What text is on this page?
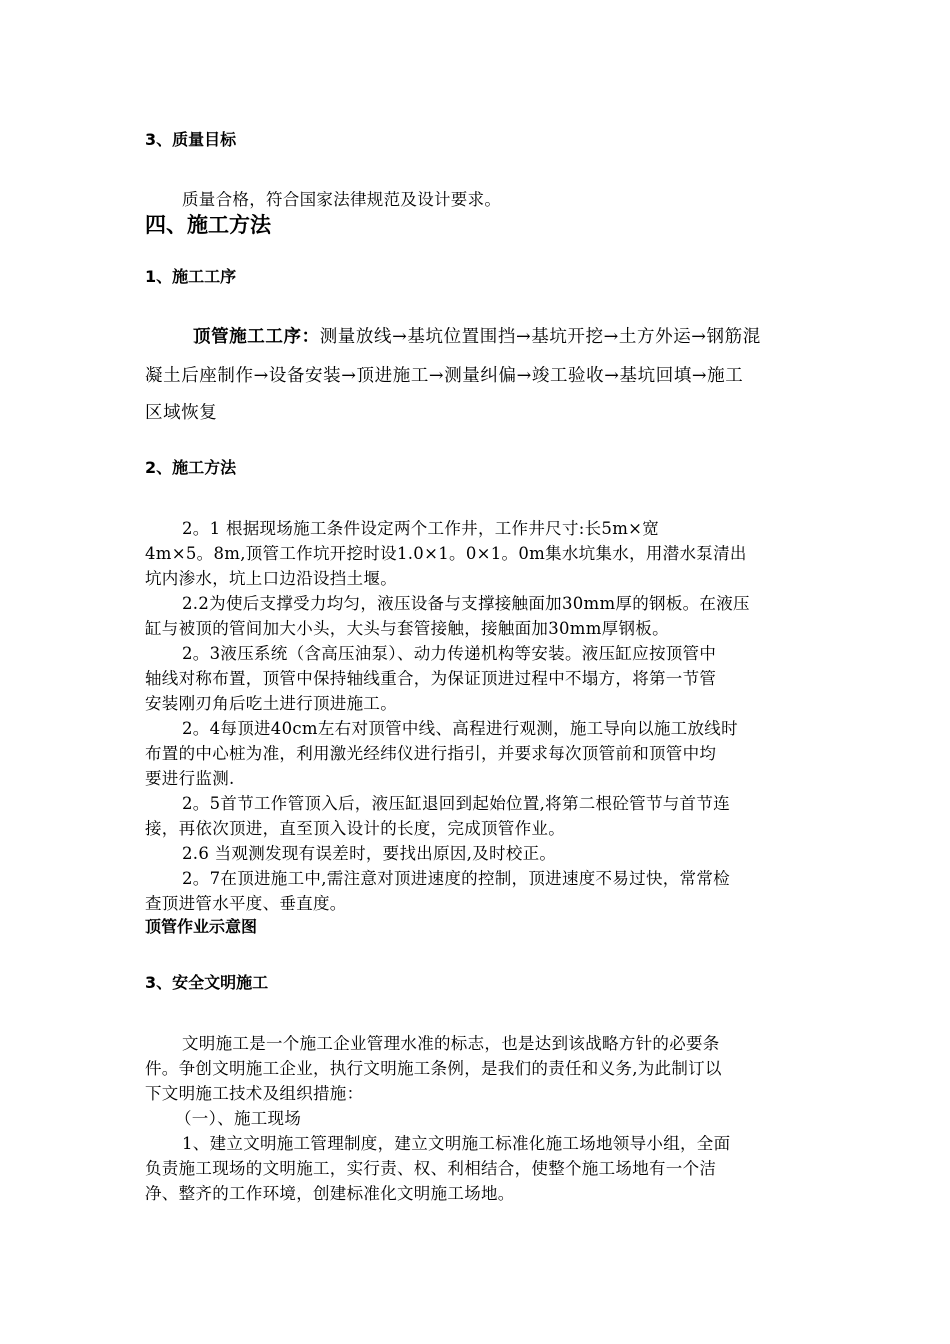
3、质量目标
质量合格，符合国家法律规范及设计要求。
四、施工方法
1、施工工序
顶管施工工序：测量放线→基坑位置围挡→基坑开挖→土方外运→钢筋混
凝土后座制作→设备安装→顶进施工→测量纠偏→竣工验收→基坑回填→施工
区域恢复
2、施工方法
2。1 根据现场施工条件设定两个工作井，工作井尺寸:长5m×宽
4m×5。8m,顶管工作坑开挖时设1.0×1。0×1。0m集水坑集水，用潜水泵清出
坑内渗水，坑上口边沿设挡土堰。
2.2为使后支撑受力均匀，液压设备与支撑接触面加30mm厚的钢板。在液压
缸与被顶的管间加大小头，大头与套管接触，接触面加30mm厚钢板。
2。3液压系统（含高压油泵）、动力传递机构等安装。液压缸应按顶管中
轴线对称布置，顶管中保持轴线重合，为保证顶进过程中不塌方，将第一节管
安装刚刃角后吃土进行顶进施工。
2。4每顶进40cm左右对顶管中线、高程进行观测，施工导向以施工放线时
布置的中心桩为准，利用激光经纬仪进行指引，并要求每次顶管前和顶管中均
要进行监测.
2。5首节工作管顶入后，液压缸退回到起始位置,将第二根砼管节与首节连
接，再依次顶进，直至顶入设计的长度，完成顶管作业。
2.6 当观测发现有误差时，要找出原因,及时校正。
2。7在顶进施工中,需注意对顶进速度的控制，顶进速度不易过快，常常检
查顶进管水平度、垂直度。
顶管作业示意图
3、安全文明施工
文明施工是一个施工企业管理水准的标志，也是达到该战略方针的必要条
件。争创文明施工企业，执行文明施工条例，是我们的责任和义务,为此制订以
下文明施工技术及组织措施：
（一）、施工现场
1、建立文明施工管理制度，建立文明施工标准化施工场地领导小组，全面
负责施工现场的文明施工，实行责、权、利相结合，使整个施工场地有一个洁
净、整齐的工作环境，创建标准化文明施工场地。
